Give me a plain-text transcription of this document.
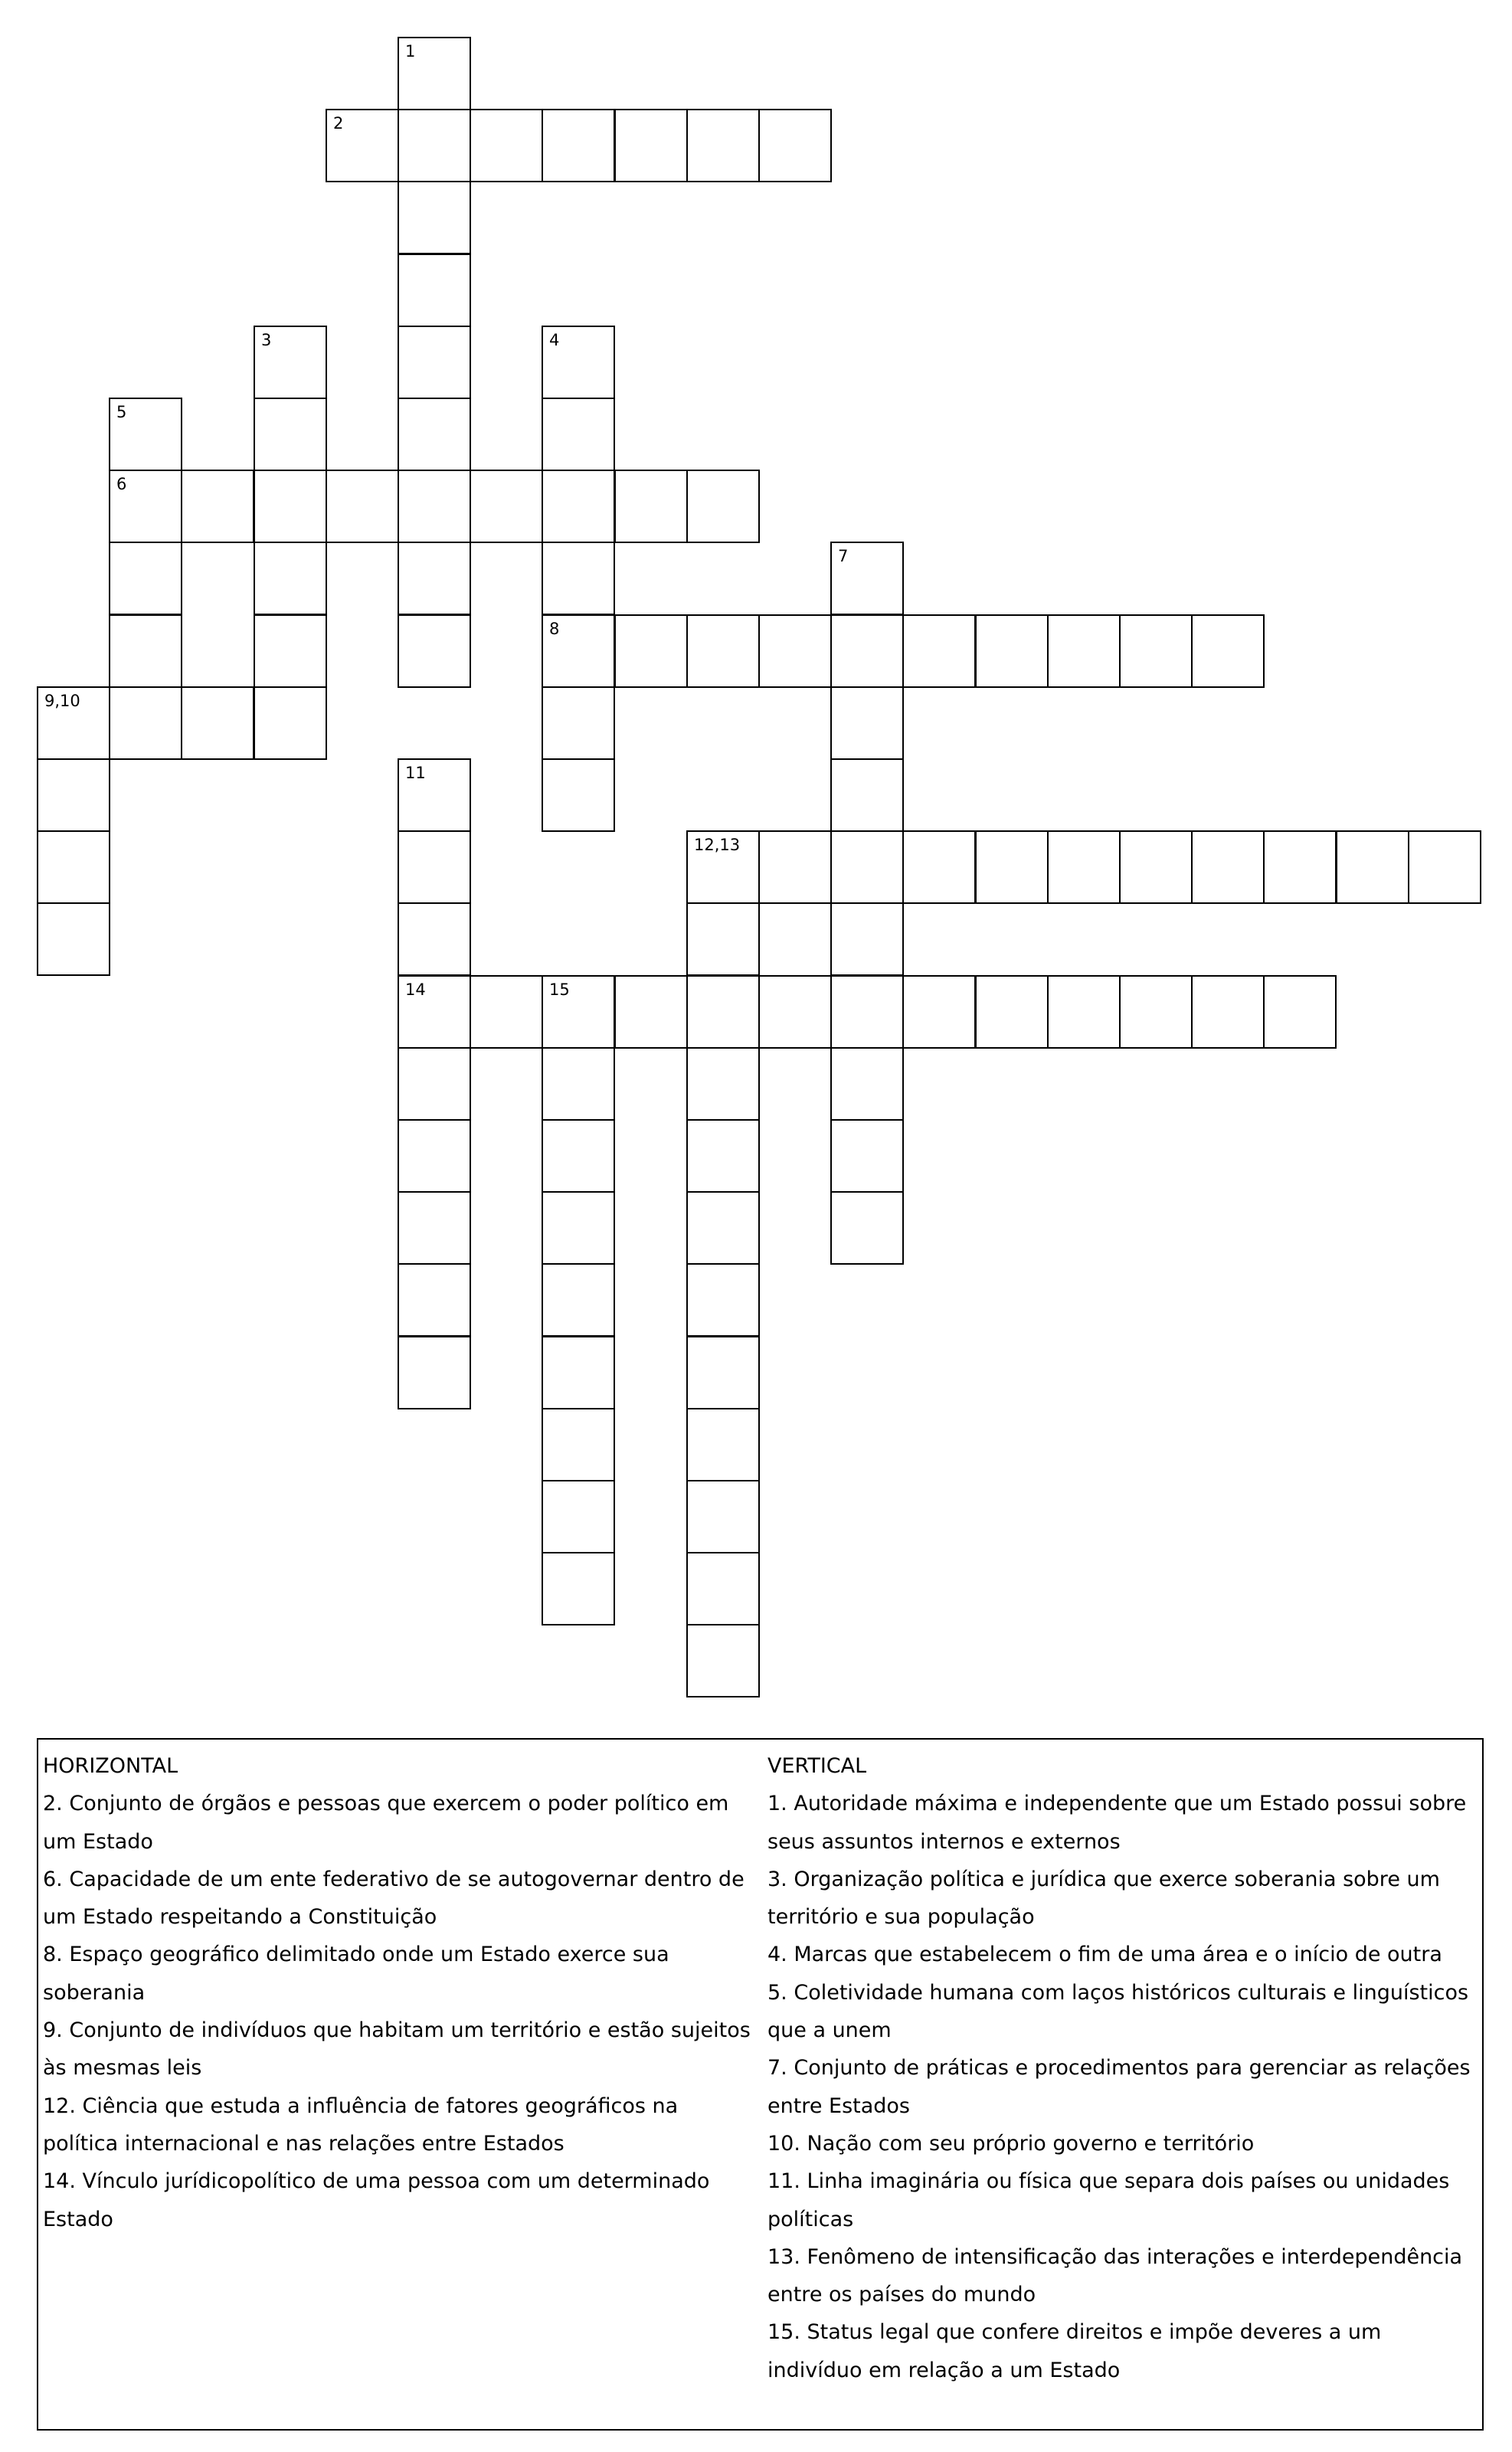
2
6
8
9,10
12,13
14	15
1
3	4
5
7
11
HORIZONTAL
2. Conjunto de órgãos e pessoas que exercem o poder político em um Estado
6. Capacidade de um ente federativo de se autogovernar dentro de um Estado respeitando a Constituição
8. Espaço geográfico delimitado onde um Estado exerce sua soberania
9. Conjunto de indivíduos que habitam um território e estão sujeitos às mesmas leis
12. Ciência que estuda a influência de fatores geográficos na política internacional e nas relações entre Estados
14. Vínculo jurídicopolítico de uma pessoa com um determinado Estado
VERTICAL
1. Autoridade máxima e independente que um Estado possui sobre seus assuntos internos e externos
3. Organização política e jurídica que exerce soberania sobre um território e sua população
4. Marcas que estabelecem o fim de uma área e o início de outra
5. Coletividade humana com laços históricos culturais e linguísticos que a unem
7. Conjunto de práticas e procedimentos para gerenciar as relações entre Estados
10. Nação com seu próprio governo e território
11. Linha imaginária ou física que separa dois países ou unidades políticas
13. Fenômeno de intensificação das interações e interdependência entre os países do mundo
15. Status legal que confere direitos e impõe deveres a um indivíduo em relação a um Estado
